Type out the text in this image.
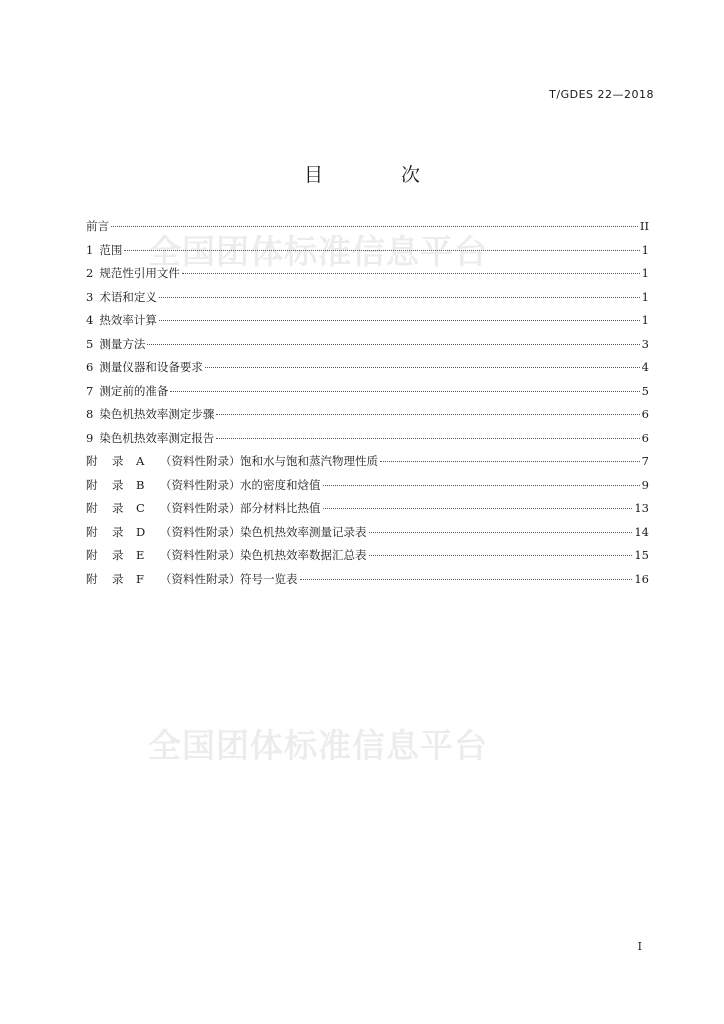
T/GDES 22—2018
全国团体标准信息平台
全国团体标准信息平台
目 次
前言	II
1 范围	1
2 规范性引用文件	1
3 术语和定义	1
4 热效率计算	1
5 测量方法	3
6 测量仪器和设备要求	4
7 测定前的准备	5
8 染色机热效率测定步骤	6
9 染色机热效率测定报告	6
附 录 A （资料性附录）饱和水与饱和蒸汽物理性质	7
附 录 B （资料性附录）水的密度和焓值	9
附 录 C （资料性附录）部分材料比热值	13
附 录 D （资料性附录）染色机热效率测量记录表	14
附 录 E （资料性附录）染色机热效率数据汇总表	15
附 录 F （资料性附录）符号一览表	16
I
